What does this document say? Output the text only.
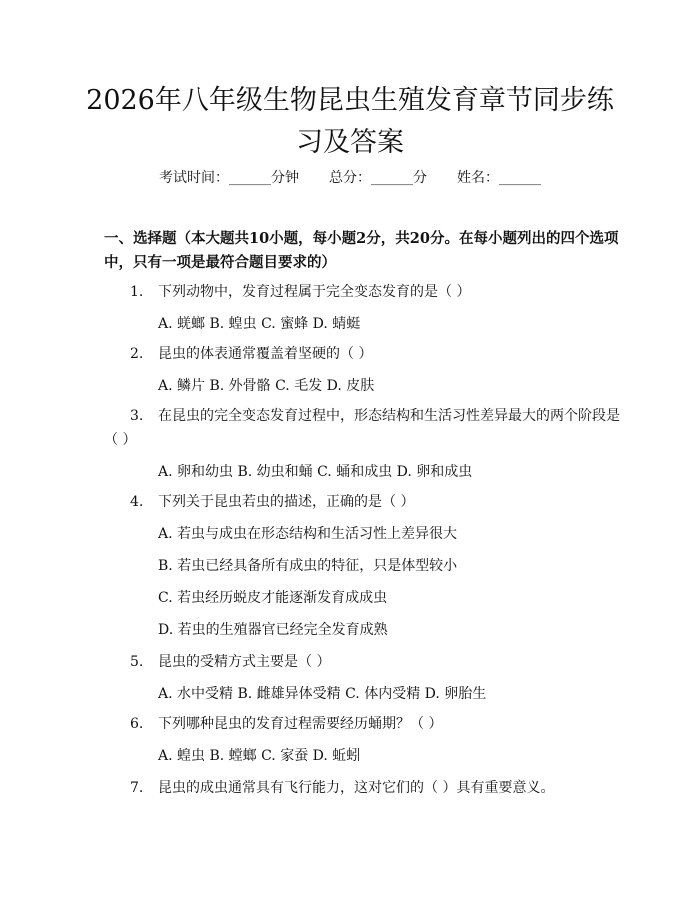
2026年八年级生物昆虫生殖发育章节同步练习及答案
考试时间：______分钟 总分：______分 姓名：______
一、选择题（本大题共10小题，每小题2分，共20分。在每小题列出的四个选项中，只有一项是最符合题目要求的）
1. 下列动物中，发育过程属于完全变态发育的是（ ）
A. 蜣螂 B. 蝗虫 C. 蜜蜂 D. 蜻蜓
2. 昆虫的体表通常覆盖着坚硬的（ ）
A. 鳞片 B. 外骨骼 C. 毛发 D. 皮肤
3. 在昆虫的完全变态发育过程中，形态结构和生活习性差异最大的两个阶段是（ ）
A. 卵和幼虫 B. 幼虫和蛹 C. 蛹和成虫 D. 卵和成虫
4. 下列关于昆虫若虫的描述，正确的是（ ）
A. 若虫与成虫在形态结构和生活习性上差异很大
B. 若虫已经具备所有成虫的特征，只是体型较小
C. 若虫经历蜕皮才能逐渐发育成成虫
D. 若虫的生殖器官已经完全发育成熟
5. 昆虫的受精方式主要是（ ）
A. 水中受精 B. 雌雄异体受精 C. 体内受精 D. 卵胎生
6. 下列哪种昆虫的发育过程需要经历蛹期？（ ）
A. 蝗虫 B. 螳螂 C. 家蚕 D. 蚯蚓
7. 昆虫的成虫通常具有飞行能力，这对它们的（ ）具有重要意义。
